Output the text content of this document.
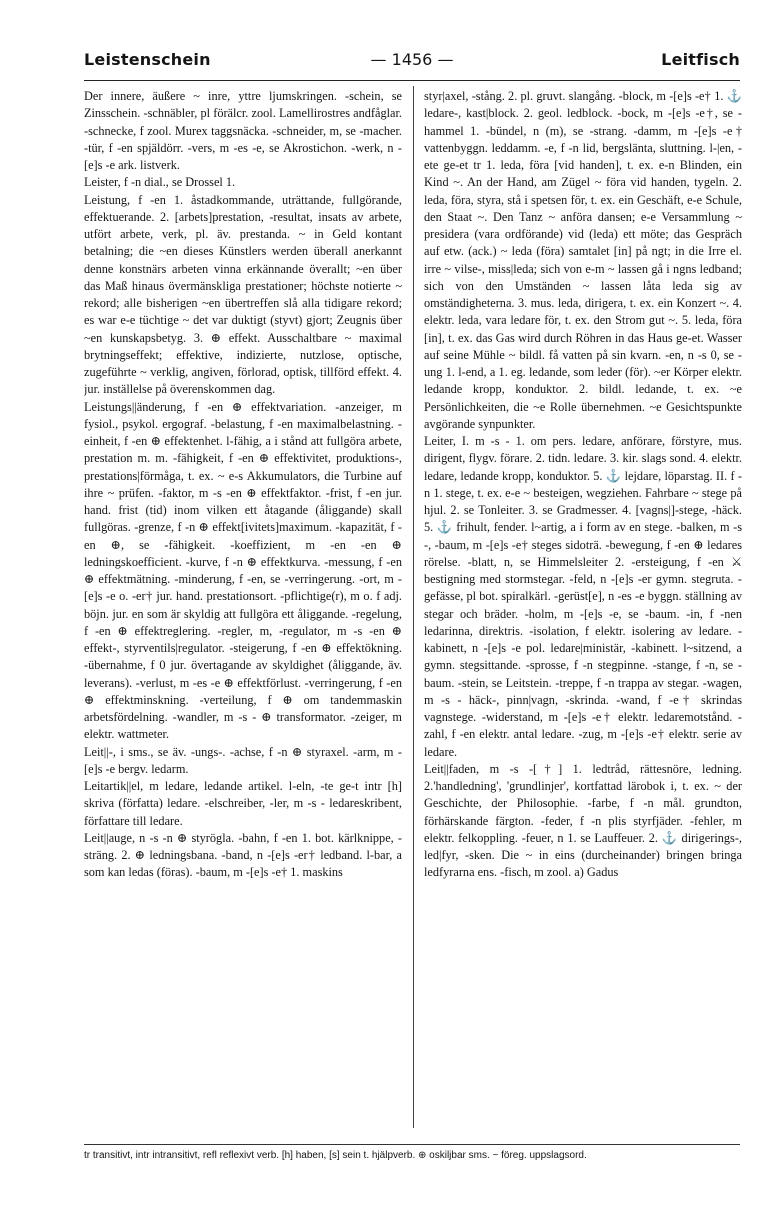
Leistenschein	— 1456 —	Leitfisch

Der innere, äußere ~ inre, yttre ljumskringen. -schein, se Zinsschein. -schnäbler, pl förälcr. zool. Lamellirostres andfåglar. -schnecke, f zool. Murex taggsnäcka. -schneider, m, se -macher. -tür, f -en spjäldörr. -vers, m -es -e, se Akrostichon. -werk, n -[e]s -e ark. listverk.

Leister, f -n dial., se Drossel 1.

Leistung, f -en 1. åstadkommande, uträttande, fullgörande, effektuerande. 2. [arbets]prestation, -resultat, insats av arbete, utfört arbete, verk, pl. äv. prestanda. ~ in Geld kontant betalning; die ~en dieses Künstlers werden überall anerkannt denne konstnärs arbeten vinna erkännande överallt; ~en über das Maß hinaus övermänskliga prestationer; höchste notierte ~ rekord; alle bisherigen ~en übertreffen slå alla tidigare rekord; es war e-e tüchtige ~ det var duktigt (styvt) gjort; Zeugnis über ~en kunskapsbetyg. 3. ⊕ effekt. Ausschaltbare ~ maximal brytningseffekt; effektive, indizierte, nutzlose, optische, zugeführte ~ verklig, angiven, förlorad, optisk, tillförd effekt. 4. jur. inställelse på överenskommen dag.

Leistungs||änderung, f -en ⊕ effektvariation. -anzeiger, m fysiol., psykol. ergograf. -belastung, f -en maximalbelastning. -einheit, f -en ⊕ effektenhet. l-fähig, a i stånd att fullgöra arbete, prestation m. m. -fähigkeit, f -en ⊕ effektivitet, produktions-, prestations|förmåga, t. ex. ~ e-s Akkumulators, die Turbine auf ihre ~ prüfen. -faktor, m -s -en ⊕ effektfaktor. -frist, f -en jur. hand. frist (tid) inom vilken ett åtagande (åliggande) skall fullgöras. -grenze, f -n ⊕ effekt[ivitets]maximum. -kapazität, f -en ⊕, se -fähigkeit. -koeffizient, m -en -en ⊕ ledningskoefficient. -kurve, f -n ⊕ effektkurva. -messung, f -en ⊕ effektmätning. -minderung, f -en, se -verringerung. -ort, m -[e]s -e o. -er† jur. hand. prestationsort. -pflichtige(r), m o. f adj. böjn. jur. en som är skyldig att fullgöra ett åliggande. -regelung, f -en ⊕ effektreglering. -regler, m, -regulator, m -s -en ⊕ effekt-, styrventils|regulator. -steigerung, f -en ⊕ effektökning. -übernahme, f 0 jur. övertagande av skyldighet (åliggande, äv. leverans). -verlust, m -es -e ⊕ effektförlust. -verringerung, f -en ⊕ effektminskning. -verteilung, f ⊕ om tandemmaskin arbetsfördelning. -wandler, m -s - ⊕ transformator. -zeiger, m elektr. wattmeter.

Leit||-, i sms., se äv. -ungs-. -achse, f -n ⊕ styraxel. -arm, m -[e]s -e bergv. ledarm.

Leitartik||el, m ledare, ledande artikel. l-eln, -te ge-t intr [h] skriva (författa) ledare. -elschreiber, -ler, m -s - ledareskribent, författare till ledare.

Leit||auge, n -s -n ⊕ styrögla. -bahn, f -en 1. bot. kärlknippe, -sträng. 2. ⊕ ledningsbana. -band, n -[e]s -er† ledband. l-bar, a som kan ledas (föras). -baum, m -[e]s -e† 1. maskins

styr|axel, -stång. 2. pl. gruvt. slangång. -block, m -[e]s -e† 1. ⚓ ledare-, kast|block. 2. geol. ledblock. -bock, m -[e]s -e†, se -hammel 1. -bündel, n (m), se -strang. -damm, m -[e]s -e† vattenbyggn. leddamm. -e, f -n lid, bergslänta, sluttning. l-|en, -ete ge-et tr 1. leda, föra [vid handen], t. ex. e-n Blinden, ein Kind ~. An der Hand, am Zügel ~ föra vid handen, tygeln. 2. leda, föra, styra, stå i spetsen för, t. ex. ein Geschäft, e-e Schule, den Staat ~. Den Tanz ~ anföra dansen; e-e Versammlung ~ presidera (vara ordförande) vid (leda) ett möte; das Gespräch auf etw. (ack.) ~ leda (föra) samtalet [in] på ngt; in die Irre el. irre ~ vilse-, miss|leda; sich von e-m ~ lassen gå i ngns ledband; sich von den Umständen ~ lassen låta leda sig av omständigheterna. 3. mus. leda, dirigera, t. ex. ein Konzert ~. 4. elektr. leda, vara ledare för, t. ex. den Strom gut ~. 5. leda, föra [in], t. ex. das Gas wird durch Röhren in das Haus ge-et. Wasser auf seine Mühle ~ bildl. få vatten på sin kvarn. -en, n -s 0, se -ung 1. l-end, a 1. eg. ledande, som leder (för). ~er Körper elektr. ledande kropp, konduktor. 2. bildl. ledande, t. ex. ~e Persönlichkeiten, die ~e Rolle übernehmen. ~e Gesichtspunkte avgörande synpunkter.

Leiter, I. m -s - 1. om pers. ledare, anförare, förstyre, mus. dirigent, flygv. förare. 2. tidn. ledare. 3. kir. slags sond. 4. elektr. ledare, ledande kropp, konduktor. 5. ⚓ lejdare, löparstag. II. f -n 1. stege, t. ex. e-e ~ besteigen, wegziehen. Fahrbare ~ stege på hjul. 2. se Tonleiter. 3. se Gradmesser. 4. [vagns|]-stege, -häck. 5. ⚓ frihult, fender. l~artig, a i form av en stege. -balken, m -s -, -baum, m -[e]s -e† steges sidoträ. -bewegung, f -en ⊕ ledares rörelse. -blatt, n, se Himmelsleiter 2. -ersteigung, f -en ⚔ bestigning med stormstegar. -feld, n -[e]s -er gymn. stegruta. -gefässe, pl bot. spiralkärl. -gerüst[e], n -es -e byggn. ställning av stegar och bräder. -holm, m -[e]s -e, se -baum. -in, f -nen ledarinna, direktris. -isolation, f elektr. isolering av ledare. -kabinett, n -[e]s -e pol. ledare|ministär, -kabinett. l~sitzend, a gymn. stegsittande. -sprosse, f -n stegpinne. -stange, f -n, se -baum. -stein, se Leitstein. -treppe, f -n trappa av stegar. -wagen, m -s - häck-, pinn|vagn, -skrinda. -wand, f -e† skrindas vagnstege. -widerstand, m -[e]s -e† elektr. ledaremotstånd. -zahl, f -en elektr. antal ledare. -zug, m -[e]s -e† elektr. serie av ledare.

Leit||faden, m -s -[†] 1. ledtråd, rättesnöre, ledning. 2.'handledning', 'grundlinjer', kortfattad lärobok i, t. ex. ~ der Geschichte, der Philosophie. -farbe, f -n mål. grundton, förhärskande färgton. -feder, f -n plis styrfjäder. -fehler, m elektr. felkoppling. -feuer, n 1. se Lauffeuer. 2. ⚓ dirigerings-, led|fyr, -sken. Die ~ in eins (durcheinander) bringen bringa ledfyrarna ens. -fisch, m zool. a) Gadus

tr transitivt, intr intransitivt, refl reflexivt verb. [h] haben, [s] sein t. hjälpverb. ⊕ oskiljbar sms. ~ föreg. uppslagsord.
